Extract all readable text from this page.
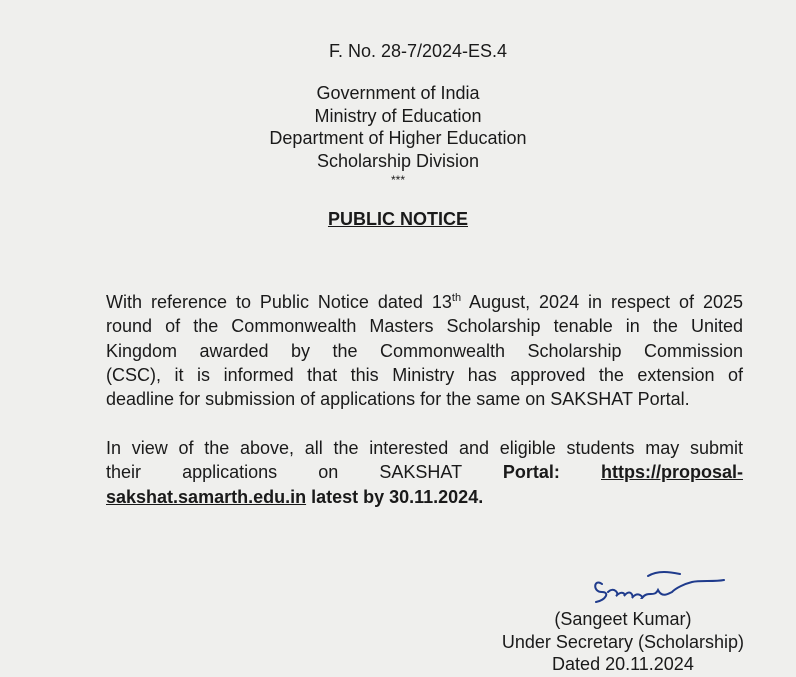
F. No. 28-7/2024-ES.4
Government of India
Ministry of Education
Department of Higher Education
Scholarship Division
***
PUBLIC NOTICE
With reference to Public Notice dated 13th August, 2024 in respect of 2025
round of the Commonwealth Masters Scholarship tenable in the United
Kingdom awarded by the Commonwealth Scholarship Commission
(CSC), it is informed that this Ministry has approved the extension of
deadline for submission of applications for the same on SAKSHAT Portal.
In view of the above, all the interested and eligible students may submit
their applications on SAKSHAT Portal: https://proposal-
sakshat.samarth.edu.in latest by 30.11.2024.
(Sangeet Kumar)
Under Secretary (Scholarship)
Dated 20.11.2024
